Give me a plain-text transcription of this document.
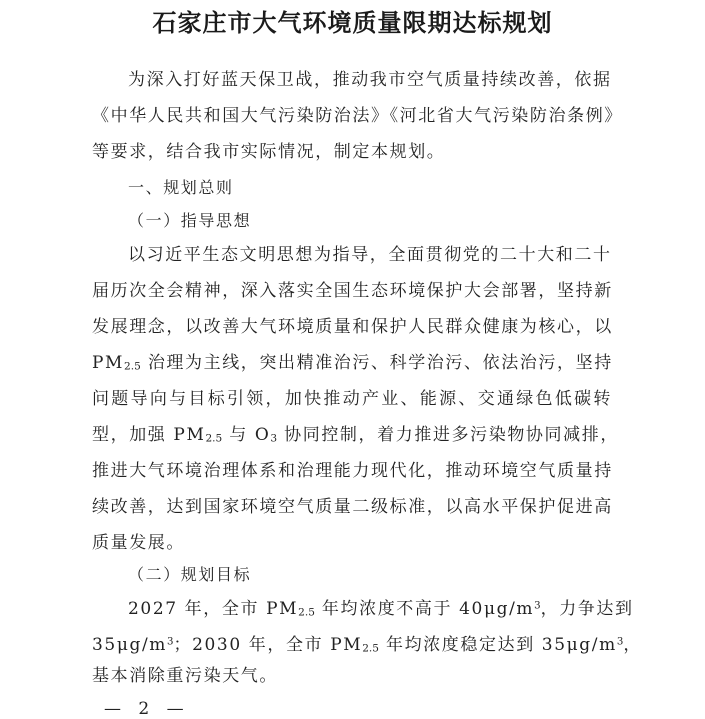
石家庄市大气环境质量限期达标规划
为深入打好蓝天保卫战，推动我市空气质量持续改善，依据
《中华人民共和国大气污染防治法》《河北省大气污染防治条例》
等要求，结合我市实际情况，制定本规划。
一、规划总则
（一）指导思想
以习近平生态文明思想为指导，全面贯彻党的二十大和二十
届历次全会精神，深入落实全国生态环境保护大会部署，坚持新
发展理念，以改善大气环境质量和保护人民群众健康为核心，以
PM2.5 治理为主线，突出精准治污、科学治污、依法治污，坚持
问题导向与目标引领，加快推动产业、能源、交通绿色低碳转
型，加强 PM2.5 与 O3 协同控制，着力推进多污染物协同减排，
推进大气环境治理体系和治理能力现代化，推动环境空气质量持
续改善，达到国家环境空气质量二级标准，以高水平保护促进高
质量发展。
（二）规划目标
2027 年，全市 PM2.5 年均浓度不高于 $40\mu g/m^3$，力争达到
$35\mu g/m^3$；2030 年，全市 PM2.5 年均浓度稳定达到 $35\mu g/m^3$，
基本消除重污染天气。
— 2 —
